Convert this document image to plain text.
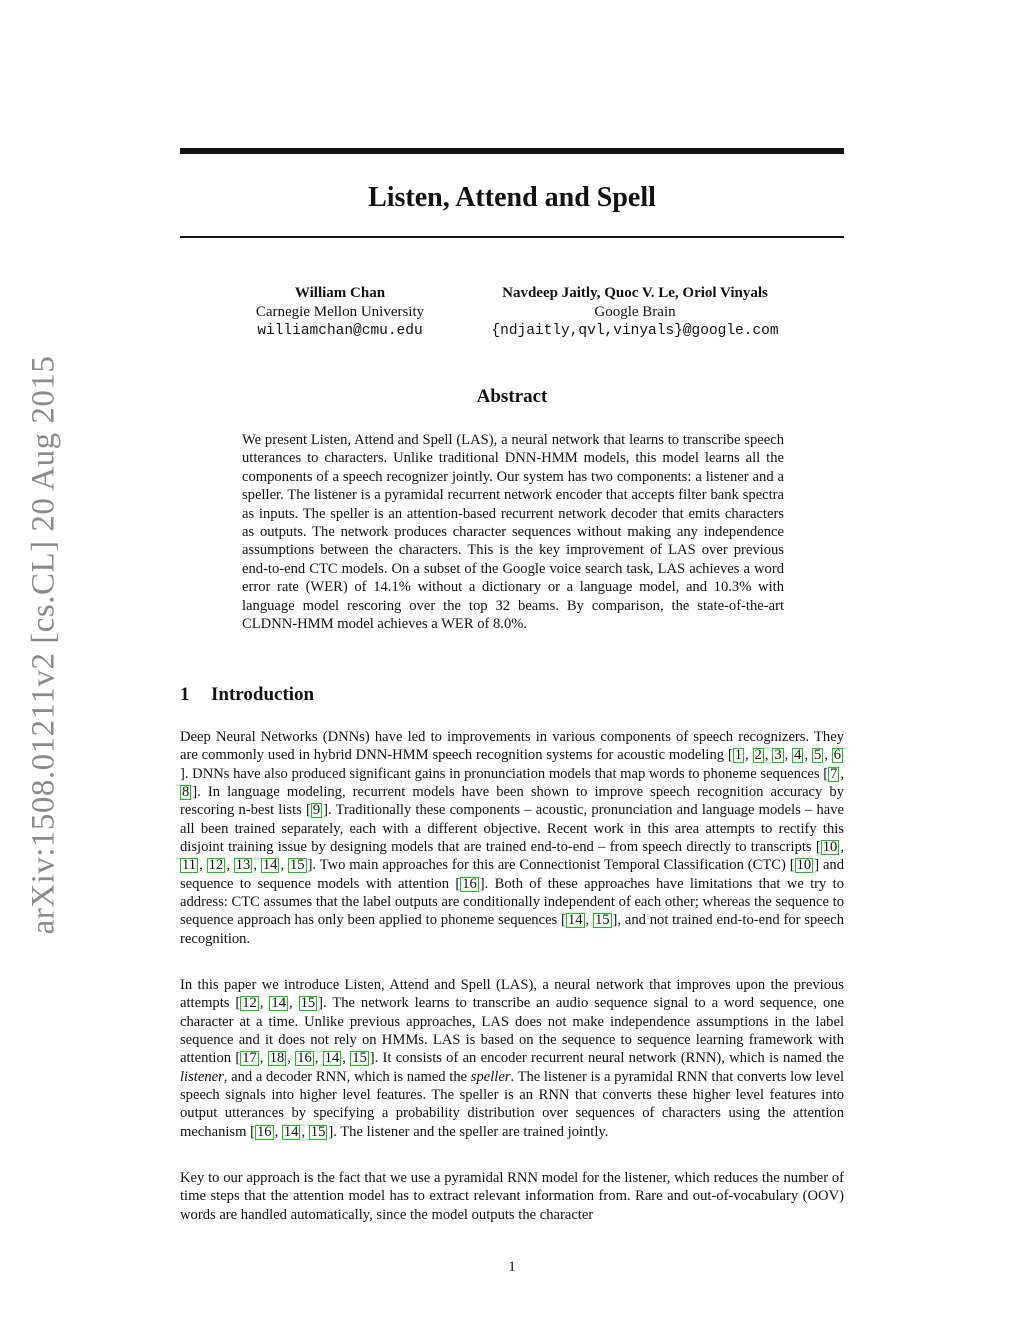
arXiv:1508.01211v2 [cs.CL] 20 Aug 2015
Listen, Attend and Spell
William Chan
Carnegie Mellon University
williamchan@cmu.edu
Navdeep Jaitly, Quoc V. Le, Oriol Vinyals
Google Brain
{ndjaitly,qvl,vinyals}@google.com
Abstract

We present Listen, Attend and Spell (LAS), a neural network that learns to transcribe speech utterances to characters. Unlike traditional DNN-HMM models, this model learns all the components of a speech recognizer jointly. Our system has two components: a listener and a speller. The listener is a pyramidal recurrent network encoder that accepts filter bank spectra as inputs. The speller is an attention-based recurrent network decoder that emits characters as outputs. The network produces character sequences without making any independence assumptions between the characters. This is the key improvement of LAS over previous end-to-end CTC models. On a subset of the Google voice search task, LAS achieves a word error rate (WER) of 14.1% without a dictionary or a language model, and 10.3% with language model rescoring over the top 32 beams. By comparison, the state-of-the-art CLDNN-HMM model achieves a WER of 8.0%.

1 Introduction

Deep Neural Networks (DNNs) have led to improvements in various components of speech recognizers. They are commonly used in hybrid DNN-HMM speech recognition systems for acoustic modeling [ 1 , 2 , 3 , 4 , 5 , 6]. DNNs have also produced significant gains in pronunciation models that map words to phoneme sequences [ 7 , 8 ]. In language modeling, recurrent models have been shown to improve speech recognition accuracy by rescoring n-best lists [ 9 ]. Traditionally these components – acoustic, pronunciation and language models – have all been trained separately, each with a different objective. Recent work in this area attempts to rectify this disjoint training issue by designing models that are trained end-to-end – from speech directly to transcripts [ 10 , 11 , 12 , 13 , 14 , 15 ]. Two main approaches for this are Connectionist Temporal Classification (CTC) [ 10 ] and sequence to sequence models with attention [ 16 ]. Both of these approaches have limitations that we try to address: CTC assumes that the label outputs are conditionally independent of each other; whereas the sequence to sequence approach has only been applied to phoneme sequences [ 14 , 15 ], and not trained end-to-end for speech recognition.

In this paper we introduce Listen, Attend and Spell (LAS), a neural network that improves upon the previous attempts [ 12 , 14 , 15 ]. The network learns to transcribe an audio sequence signal to a word sequence, one character at a time. Unlike previous approaches, LAS does not make independence assumptions in the label sequence and it does not rely on HMMs. LAS is based on the sequence to sequence learning framework with attention [ 17 , 18 , 16 , 14 , 15 ]. It consists of an encoder recurrent neural network (RNN), which is named the listener, and a decoder RNN, which is named the speller. The listener is a pyramidal RNN that converts low level speech signals into higher level features. The speller is an RNN that converts these higher level features into output utterances by specifying a probability distribution over sequences of characters using the attention mechanism [ 16 , 14 , 15 ]. The listener and the speller are trained jointly.

Key to our approach is the fact that we use a pyramidal RNN model for the listener, which reduces the number of time steps that the attention model has to extract relevant information from. Rare and out-of-vocabulary (OOV) words are handled automatically, since the model outputs the character

1
